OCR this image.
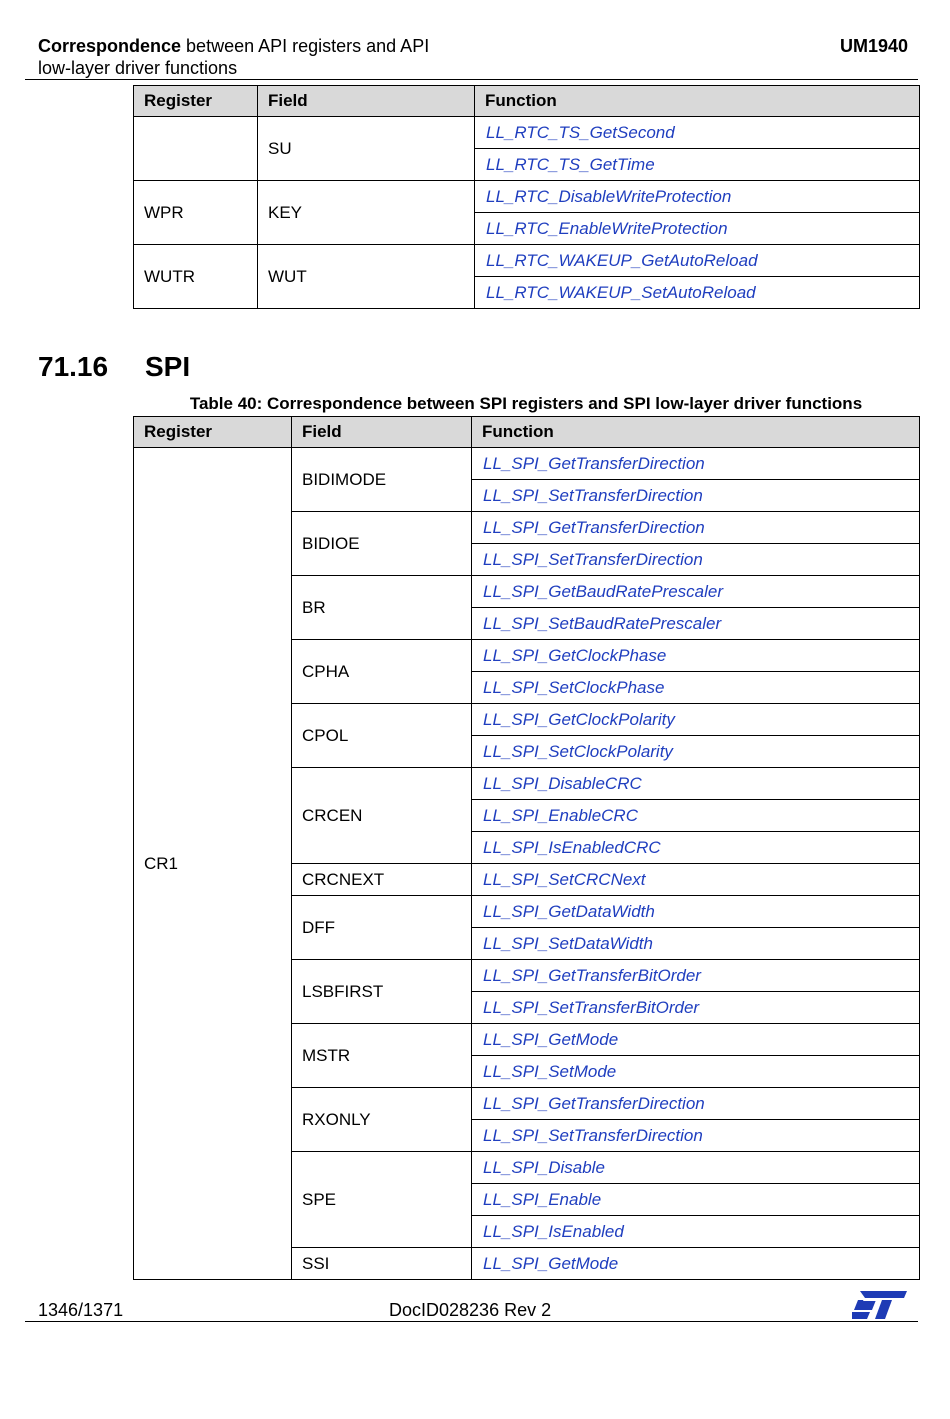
Correspondence between API registers and API
low-layer driver functions
UM1940
Register	Field	Function
	SU	LL_RTC_TS_GetSecond
		LL_RTC_TS_GetTime
WPR	KEY	LL_RTC_DisableWriteProtection
		LL_RTC_EnableWriteProtection
WUTR	WUT	LL_RTC_WAKEUP_GetAutoReload
		LL_RTC_WAKEUP_SetAutoReload
71.16 SPI
Table 40: Correspondence between SPI registers and SPI low-layer driver functions
Register	Field	Function
CR1	BIDIMODE	LL_SPI_GetTransferDirection
		LL_SPI_SetTransferDirection
	BIDIOE	LL_SPI_GetTransferDirection
		LL_SPI_SetTransferDirection
	BR	LL_SPI_GetBaudRatePrescaler
		LL_SPI_SetBaudRatePrescaler
	CPHA	LL_SPI_GetClockPhase
		LL_SPI_SetClockPhase
	CPOL	LL_SPI_GetClockPolarity
		LL_SPI_SetClockPolarity
	CRCEN	LL_SPI_DisableCRC
		LL_SPI_EnableCRC
		LL_SPI_IsEnabledCRC
	CRCNEXT	LL_SPI_SetCRCNext
	DFF	LL_SPI_GetDataWidth
		LL_SPI_SetDataWidth
	LSBFIRST	LL_SPI_GetTransferBitOrder
		LL_SPI_SetTransferBitOrder
	MSTR	LL_SPI_GetMode
		LL_SPI_SetMode
	RXONLY	LL_SPI_GetTransferDirection
		LL_SPI_SetTransferDirection
	SPE	LL_SPI_Disable
		LL_SPI_Enable
		LL_SPI_IsEnabled
	SSI	LL_SPI_GetMode
1346/1371	DocID028236 Rev 2
